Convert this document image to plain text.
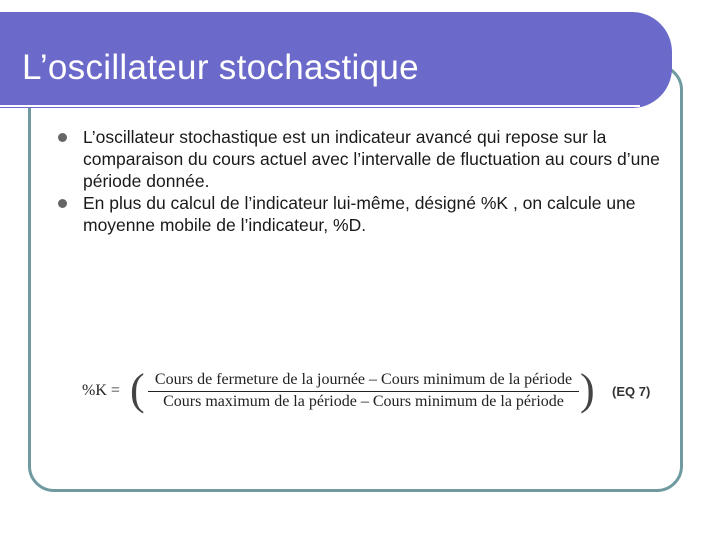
L’oscillateur stochastique
L’oscillateur stochastique est un indicateur avancé qui repose sur la comparaison du cours actuel avec l’intervalle de fluctuation au cours d’une période donnée.
En plus du calcul de l’indicateur lui-même, désigné %K , on calcule une moyenne mobile de l’indicateur, %D.
%K = ( Cours de fermeture de la journée – Cours minimum de la période
Cours maximum de la période – Cours minimum de la période ) (EQ 7)
